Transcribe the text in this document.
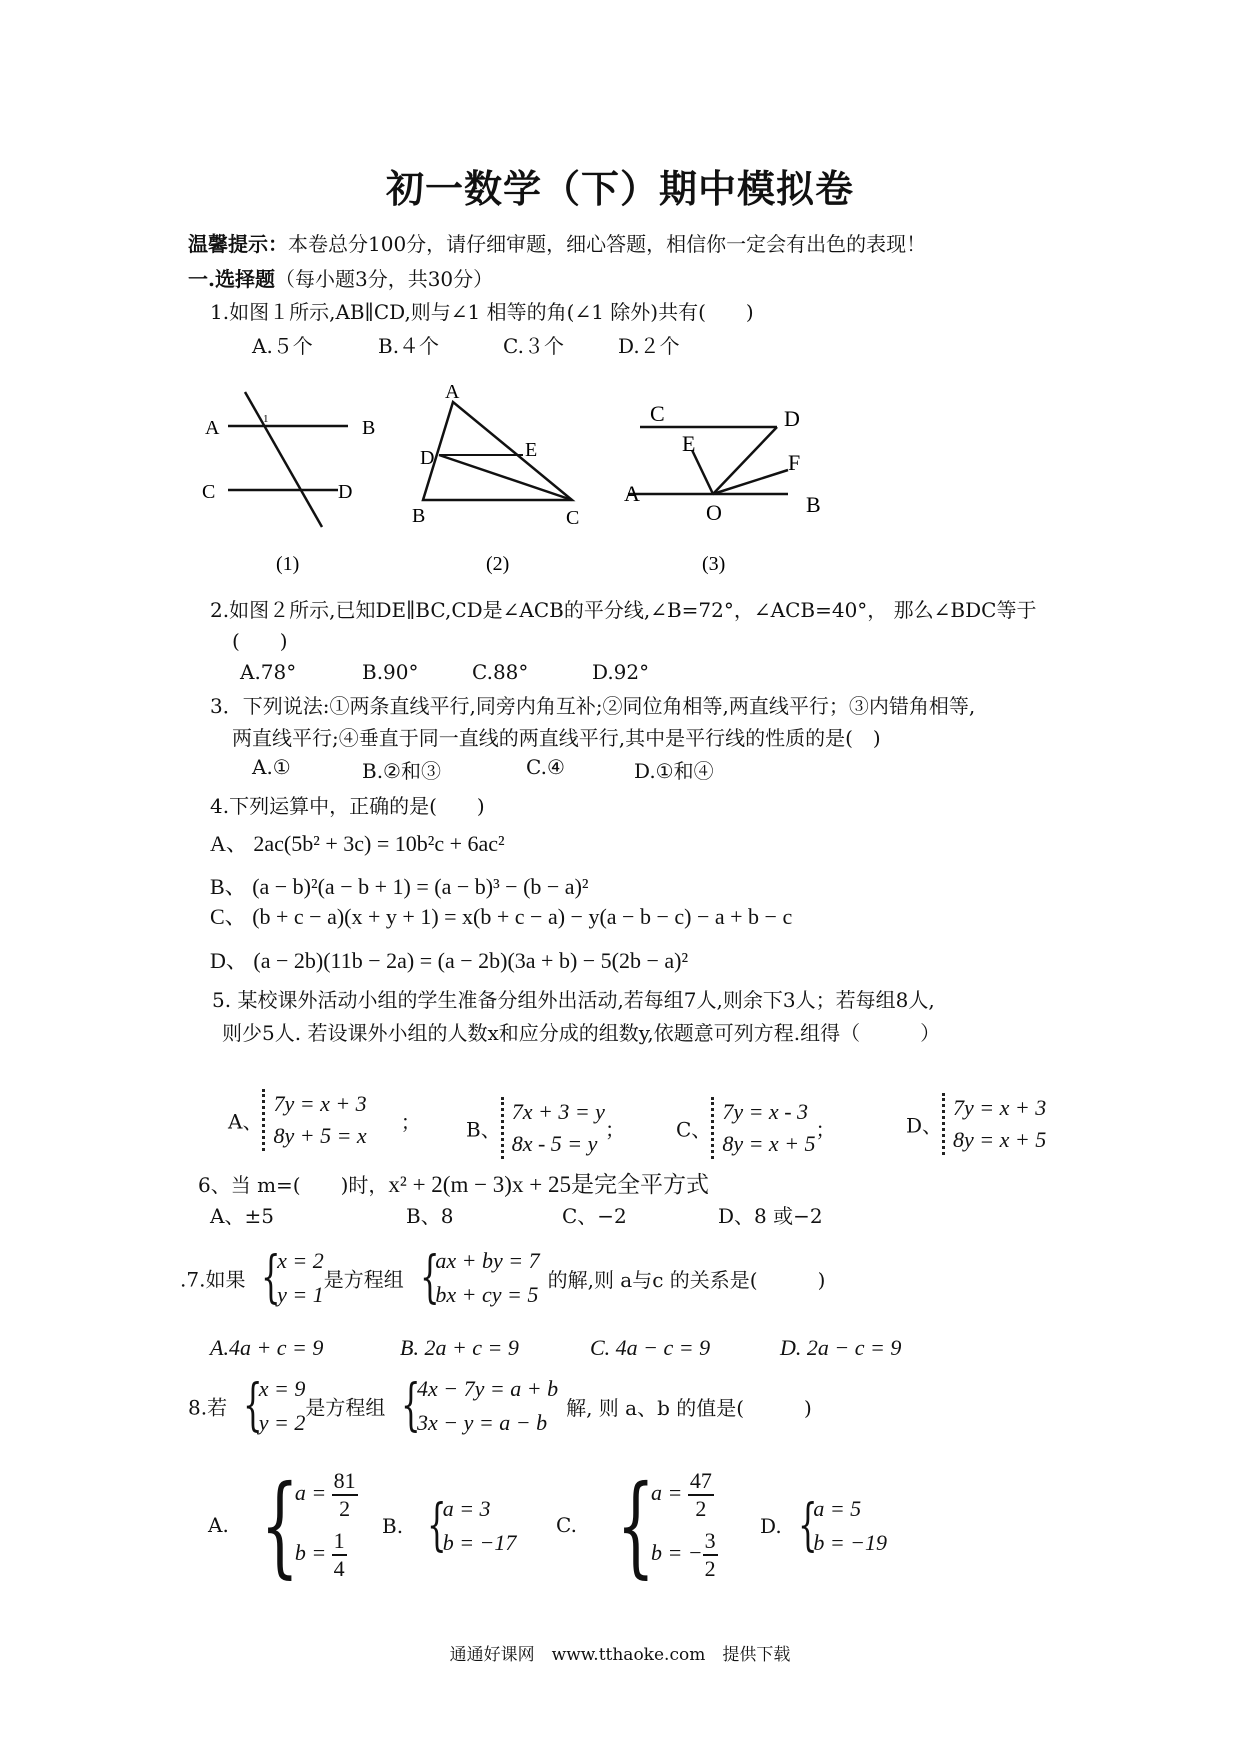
初一数学（下）期中模拟卷
温馨提示：本卷总分100分，请仔细审题，细心答题，相信你一定会有出色的表现！
一.选择题（每小题3分，共30分）
1.如图１所示,AB∥CD,则与∠1 相等的角(∠1 除外)共有(　　)
A.５个	B.４个	C.３个	D.２个
A	B
C	D
1
(1)
A
D	E
B	C
(2)
C	D
E
F
A
O	B
(3)
2.如图２所示,已知DE∥BC,CD是∠ACB的平分线,∠B=72°，∠ACB=40°， 那么∠BDC等于
(　　)
A.78°	B.90°	C.88°	D.92°
3．下列说法:①两条直线平行,同旁内角互补;②同位角相等,两直线平行；③内错角相等,
两直线平行;④垂直于同一直线的两直线平行,其中是平行线的性质的是(　)
A.①	B.②和③	C.④	D.①和④
4.下列运算中，正确的是(　　)
A、 2ac(5b² + 3c) = 10b²c + 6ac²
B、 (a − b)²(a − b + 1) = (a − b)³ − (b − a)²
C、 (b + c − a)(x + y + 1) = x(b + c − a) − y(a − b − c) − a + b − c
D、 (a − 2b)(11b − 2a) = (a − 2b)(3a + b) − 5(2b − a)²
5. 某校课外活动小组的学生准备分组外出活动,若每组7人,则余下3人；若每组8人,
则少5人. 若设课外小组的人数x和应分成的组数y,依题意可列方程.组得（　　　）
A、
7y = x + 3
8y + 5 = x
； B、
7x + 3 = y
8x - 5 = y
；	C、
7y = x - 3
8y = x + 5
；	D、
7y = x + 3
8y = x + 5
6、当 m=(　　)时，x² + 2(m − 3)x + 25是完全平方式
A、±5	B、8	C、−2	D、8 或−2
.7.如果 {
x = 2
y = 1
是方程组 {
ax + by = 7
bx + cy = 5
的解,则 a与c 的关系是(　　　)
A.4a + c = 9	B. 2a + c = 9	C. 4a − c = 9	D. 2a − c = 9
8.若 {
x = 9
y = 2
是方程组 {
4x − 7y = a + b
3x − y = a − b
解, 则 a、b 的值是(　　　)
A. {
$a = \frac{81}{2}$
$b = \frac{1}{4}$
B. {
a = 3
b = −17
C. {
$a = \frac{47}{2}$
b = − $\frac{3}{2}$
D. {
a = 5
b = −19
通通好课网　www.tthaoke.com　提供下载
